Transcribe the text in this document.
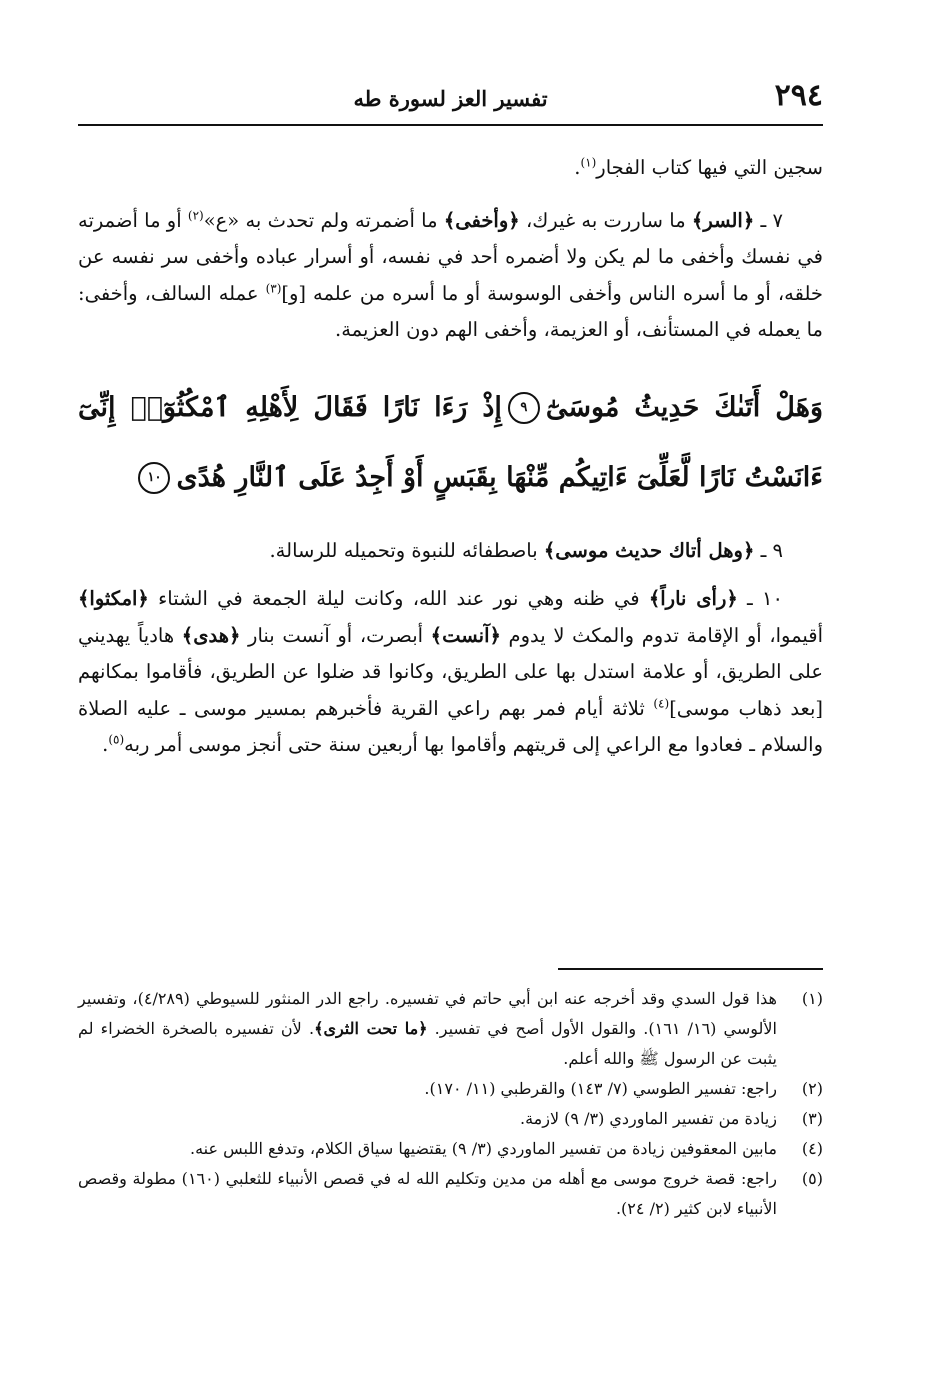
٢٩٤
تفسير العز لسورة طه

سجين التي فيها كتاب الفجار$^{(١)}$.

٧ ـ ﴿السر﴾ ما ساررت به غيرك، ﴿وأخفى﴾ ما أضمرته ولم تحدث به «ع»$^{(٢)}$ أو ما أضمرته في نفسك وأخفى ما لم يكن ولا أضمره أحد في نفسه، أو أسرار عباده وأخفى سر نفسه عن خلقه، أو ما أسره الناس وأخفى الوسوسة أو ما أسره من علمه [و]$^{(٣)}$ عمله السالف، وأخفى: ما يعمله في المستأنف، أو العزيمة، وأخفى الهم دون العزيمة.

وَهَلْ أَتَىٰكَ حَدِيثُ مُوسَىٰٓ٩إِذْ رَءَا نَارًا فَقَالَ لِأَهْلِهِ ٱمْكُثُوٓا۟ إِنِّىٓ ءَانَسْتُ نَارًا لَّعَلِّىٓ ءَاتِيكُم مِّنْهَا بِقَبَسٍ أَوْ أَجِدُ عَلَى ٱلنَّارِ هُدًى١٠

٩ ـ ﴿وهل أتاك حديث موسى﴾ باصطفائه للنبوة وتحميله للرسالة.

١٠ ـ ﴿رأى ناراً﴾ في ظنه وهي نور عند الله، وكانت ليلة الجمعة في الشتاء ﴿امكثوا﴾ أقيموا، أو الإقامة تدوم والمكث لا يدوم ﴿آنست﴾ أبصرت، أو آنست بنار ﴿هدى﴾ هادياً يهديني على الطريق، أو علامة استدل بها على الطريق، وكانوا قد ضلوا عن الطريق، فأقاموا بمكانهم [بعد ذهاب موسى]$^{(٤)}$ ثلاثة أيام فمر بهم راعي القرية فأخبرهم بمسير موسى ـ عليه الصلاة والسلام ـ فعادوا مع الراعي إلى قريتهم وأقاموا بها أربعين سنة حتى أنجز موسى أمر ربه$^{(٥)}$.

(١)
هذا قول السدي وقد أخرجه عنه ابن أبي حاتم في تفسيره. راجع الدر المنثور للسيوطي (٤/٢٨٩)، وتفسير الألوسي (١٦/ ١٦١). والقول الأول أصح في تفسير. ﴿ما تحت الثرى﴾. لأن تفسيره بالصخرة الخضراء لم يثبت عن الرسول ﷺ والله أعلم.
(٢)
راجع: تفسير الطوسي (٧/ ١٤٣) والقرطبي (١١/ ١٧٠).
(٣)
زيادة من تفسير الماوردي (٣/ ٩) لازمة.
(٤)
مابين المعقوفين زيادة من تفسير الماوردي (٣/ ٩) يقتضيها سياق الكلام، وتدفع اللبس عنه.
(٥)
راجع: قصة خروج موسى مع أهله من مدين وتكليم الله له في قصص الأنبياء للثعلبي (١٦٠) مطولة وقصص الأنبياء لابن كثير (٢/ ٢٤).
